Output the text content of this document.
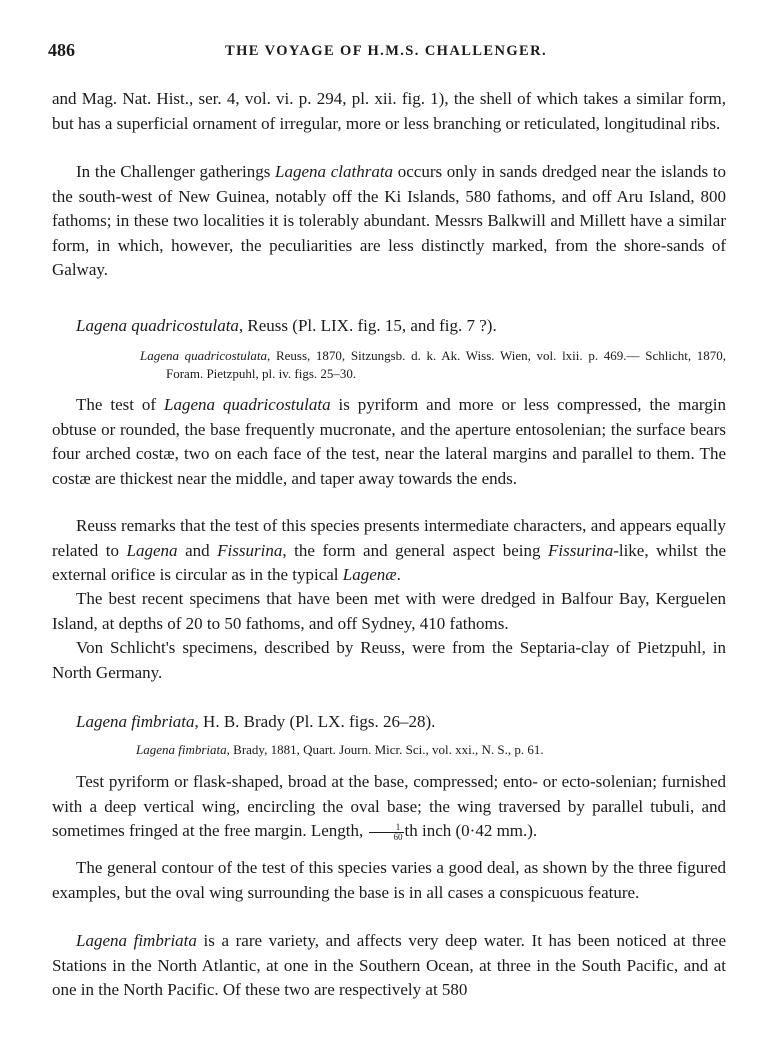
486	THE VOYAGE OF H.M.S. CHALLENGER.

and Mag. Nat. Hist., ser. 4, vol. vi. p. 294, pl. xii. fig. 1), the shell of which takes a similar form, but has a superficial ornament of irregular, more or less branching or reticulated, longitudinal ribs.

In the Challenger gatherings Lagena clathrata occurs only in sands dredged near the islands to the south-west of New Guinea, notably off the Ki Islands, 580 fathoms, and off Aru Island, 800 fathoms; in these two localities it is tolerably abundant. Messrs Balkwill and Millett have a similar form, in which, however, the peculiarities are less distinctly marked, from the shore-sands of Galway.

Lagena quadricostulata, Reuss (Pl. LIX. fig. 15, and fig. 7 ?).

Lagena quadricostulata, Reuss, 1870, Sitzungsb. d. k. Ak. Wiss. Wien, vol. lxii. p. 469.— Schlicht, 1870, Foram. Pietzpuhl, pl. iv. figs. 25–30.

The test of Lagena quadricostulata is pyriform and more or less compressed, the margin obtuse or rounded, the base frequently mucronate, and the aperture entosolenian; the surface bears four arched costæ, two on each face of the test, near the lateral margins and parallel to them. The costæ are thickest near the middle, and taper away towards the ends.

Reuss remarks that the test of this species presents intermediate characters, and appears equally related to Lagena and Fissurina, the form and general aspect being Fissurina-like, whilst the external orifice is circular as in the typical Lagenæ.

The best recent specimens that have been met with were dredged in Balfour Bay, Kerguelen Island, at depths of 20 to 50 fathoms, and off Sydney, 410 fathoms.

Von Schlicht's specimens, described by Reuss, were from the Septaria-clay of Pietzpuhl, in North Germany.

Lagena fimbriata, H. B. Brady (Pl. LX. figs. 26–28).

Lagena fimbriata, Brady, 1881, Quart. Journ. Micr. Sci., vol. xxi., N. S., p. 61.

Test pyriform or flask-shaped, broad at the base, compressed; ento- or ecto-solenian; furnished with a deep vertical wing, encircling the oval base; the wing traversed by parallel tubuli, and sometimes fringed at the free margin. Length, $\frac{1}{60}$ th inch (0·42 mm.).

The general contour of the test of this species varies a good deal, as shown by the three figured examples, but the oval wing surrounding the base is in all cases a conspicuous feature.

Lagena fimbriata is a rare variety, and affects very deep water. It has been noticed at three Stations in the North Atlantic, at one in the Southern Ocean, at three in the South Pacific, and at one in the North Pacific. Of these two are respectively at 580
